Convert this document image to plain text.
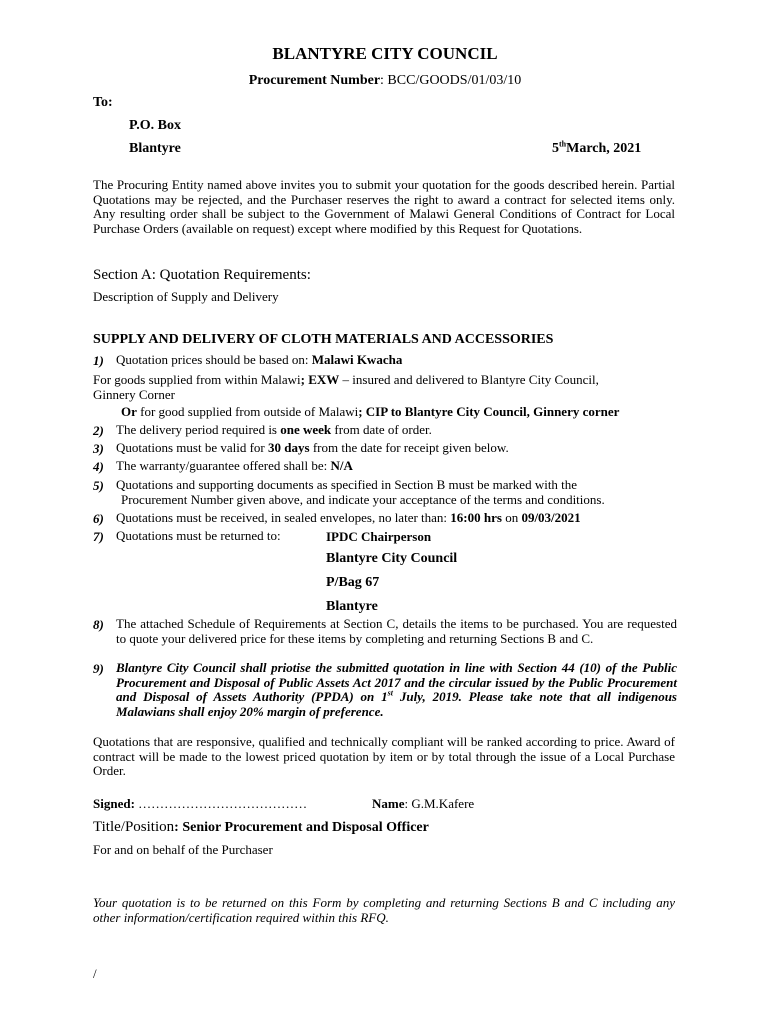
BLANTYRE CITY COUNCIL
Procurement Number: BCC/GOODS/01/03/10
To:
P.O. Box
Blantyre	5thMarch, 2021
The Procuring Entity named above invites you to submit your quotation for the goods described herein. Partial Quotations may be rejected, and the Purchaser reserves the right to award a contract for selected items only. Any resulting order shall be subject to the Government of Malawi General Conditions of Contract for Local Purchase Orders (available on request) except where modified by this Request for Quotations.
Section A: Quotation Requirements:
Description of Supply and Delivery
SUPPLY AND DELIVERY OF CLOTH MATERIALS AND ACCESSORIES
1) Quotation prices should be based on: Malawi Kwacha
For goods supplied from within Malawi; EXW – insured and delivered to Blantyre City Council,
Ginnery Corner
Or for good supplied from outside of Malawi; CIP to Blantyre City Council, Ginnery corner
2) The delivery period required is one week from date of order.
3) Quotations must be valid for 30 days from the date for receipt given below.
4) The warranty/guarantee offered shall be: N/A
5) Quotations and supporting documents as specified in Section B must be marked with the
Procurement Number given above, and indicate your acceptance of the terms and conditions.
6) Quotations must be received, in sealed envelopes, no later than: 16:00 hrs on 09/03/2021
7) Quotations must be returned to:	IPDC Chairperson
Blantyre City Council
P/Bag 67
Blantyre
8) The attached Schedule of Requirements at Section C, details the items to be purchased. You are requested to quote your delivered price for these items by completing and returning Sections B and C.
9) Blantyre City Council shall priotise the submitted quotation in line with Section 44 (10) of the Public Procurement and Disposal of Public Assets Act 2017 and the circular issued by the Public Procurement and Disposal of Assets Authority (PPDA) on 1st July, 2019. Please take note that all indigenous Malawians shall enjoy 20% margin of preference.
Quotations that are responsive, qualified and technically compliant will be ranked according to price. Award of contract will be made to the lowest priced quotation by item or by total through the issue of a Local Purchase Order.
Signed: …………………………………	Name: G.M.Kafere
Title/Position: Senior Procurement and Disposal Officer
For and on behalf of the Purchaser
Your quotation is to be returned on this Form by completing and returning Sections B and C including any other information/certification required within this RFQ.
/
